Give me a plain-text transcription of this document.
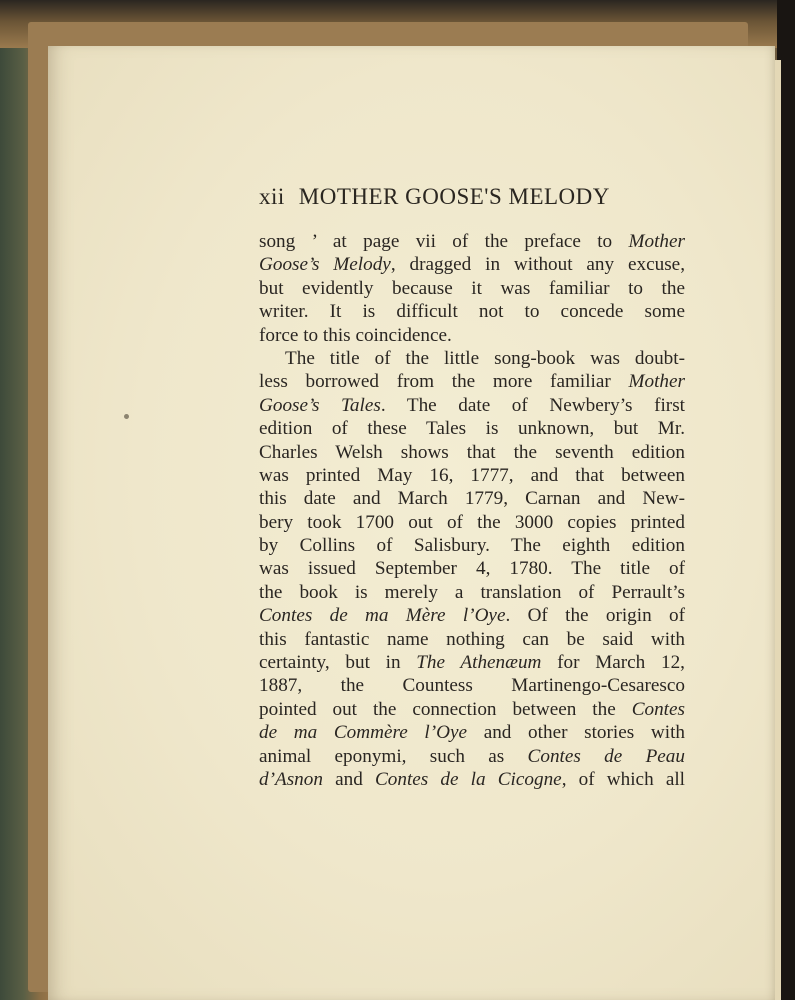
xii MOTHER GOOSE'S MELODY
song ’ at page vii of the preface to Mother
Goose’s Melody, dragged in without any excuse,
but evidently because it was familiar to the
writer. It is difficult not to concede some
force to this coincidence.
The title of the little song-book was doubt-
less borrowed from the more familiar Mother
Goose’s Tales. The date of Newbery’s first
edition of these Tales is unknown, but Mr.
Charles Welsh shows that the seventh edition
was printed May 16, 1777, and that between
this date and March 1779, Carnan and New-
bery took 1700 out of the 3000 copies printed
by Collins of Salisbury. The eighth edition
was issued September 4, 1780. The title of
the book is merely a translation of Perrault’s
Contes de ma Mère l’Oye. Of the origin of
this fantastic name nothing can be said with
certainty, but in The Athenæum for March 12,
1887, the Countess Martinengo-Cesaresco
pointed out the connection between the Contes
de ma Commère l’Oye and other stories with
animal eponymi, such as Contes de Peau
d’Asnon and Contes de la Cicogne, of which all
